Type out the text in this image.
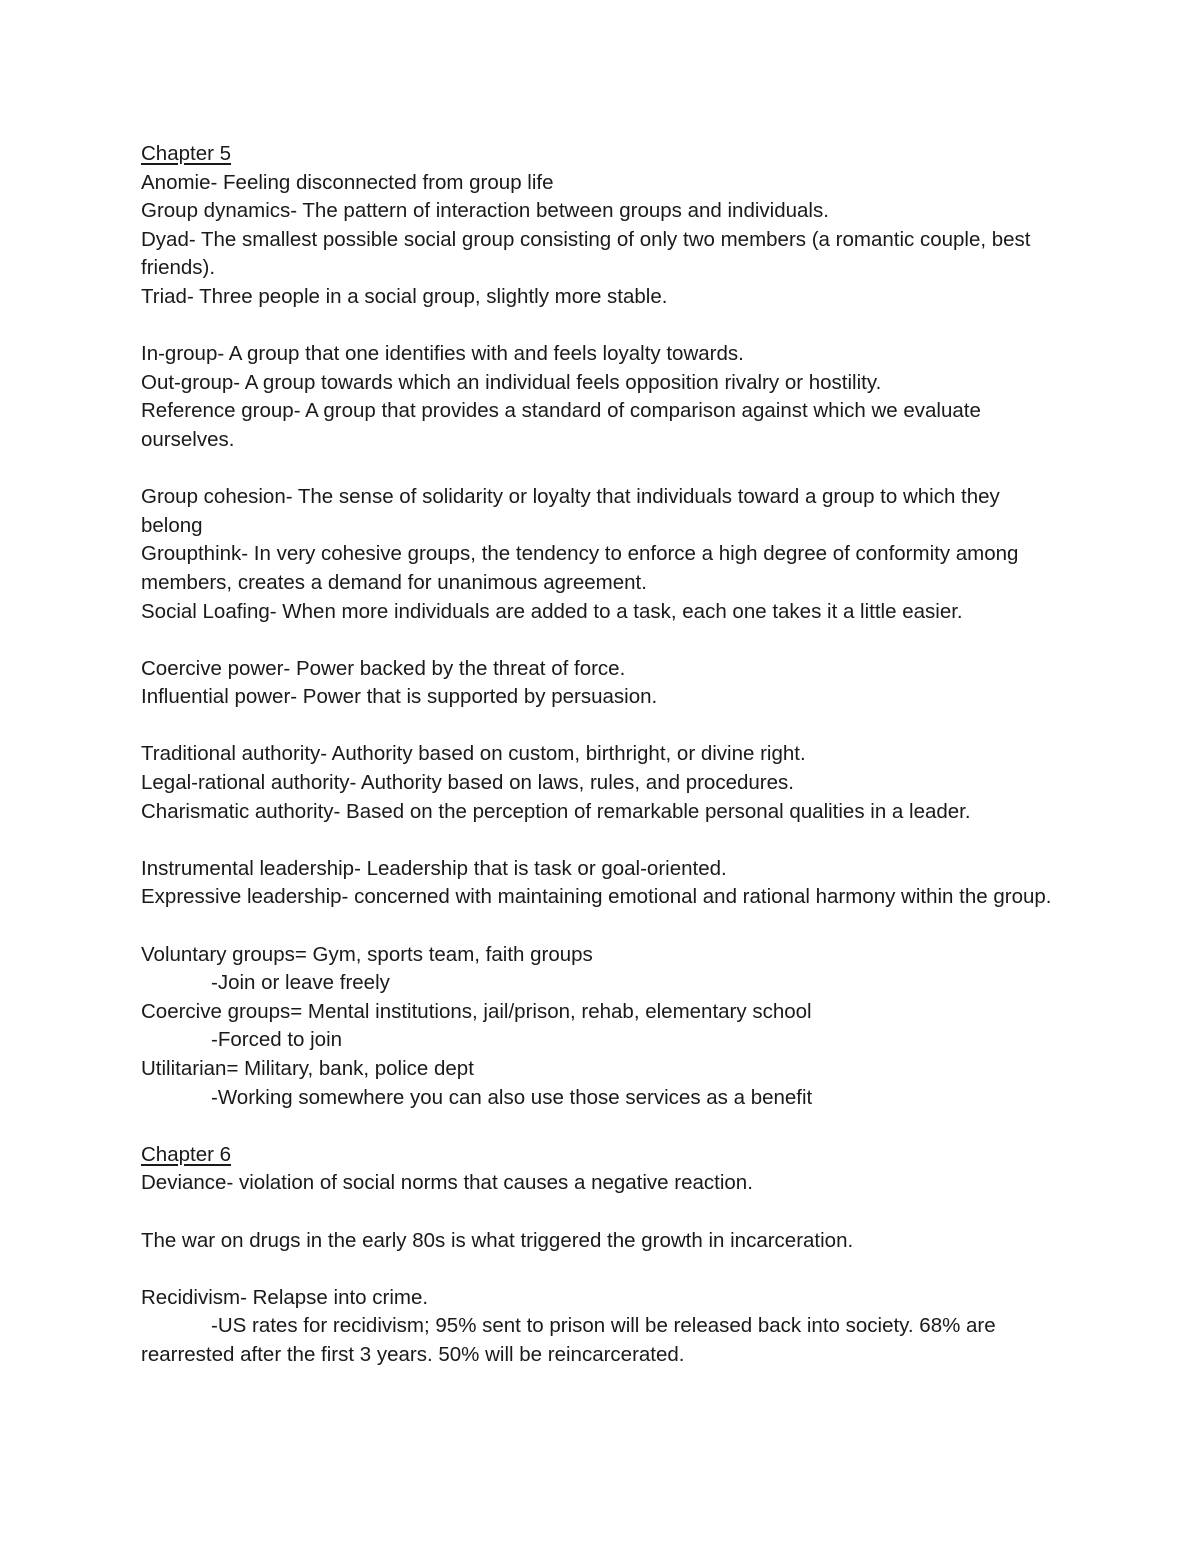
Chapter 5

Anomie- Feeling disconnected from group life

Group dynamics- The pattern of interaction between groups and individuals.

Dyad- The smallest possible social group consisting of only two members (a romantic couple, best friends).

Triad- Three people in a social group, slightly more stable.

In-group- A group that one identifies with and feels loyalty towards.

Out-group- A group towards which an individual feels opposition rivalry or hostility.

Reference group- A group that provides a standard of comparison against which we evaluate ourselves.

Group cohesion- The sense of solidarity or loyalty that individuals toward a group to which they belong

Groupthink- In very cohesive groups, the tendency to enforce a high degree of conformity among members, creates a demand for unanimous agreement.

Social Loafing- When more individuals are added to a task, each one takes it a little easier.

Coercive power- Power backed by the threat of force.

Influential power- Power that is supported by persuasion.

Traditional authority- Authority based on custom, birthright, or divine right.

Legal-rational authority- Authority based on laws, rules, and procedures.

Charismatic authority- Based on the perception of remarkable personal qualities in a leader.

Instrumental leadership- Leadership that is task or goal-oriented.

Expressive leadership- concerned with maintaining emotional and rational harmony within the group.

Voluntary groups= Gym, sports team, faith groups

-Join or leave freely

Coercive groups= Mental institutions, jail/prison, rehab, elementary school

-Forced to join

Utilitarian= Military, bank, police dept

-Working somewhere you can also use those services as a benefit

Chapter 6

Deviance- violation of social norms that causes a negative reaction.

The war on drugs in the early 80s is what triggered the growth in incarceration.

Recidivism- Relapse into crime.

-US rates for recidivism; 95% sent to prison will be released back into society. 68% are rearrested after the first 3 years. 50% will be reincarcerated.
